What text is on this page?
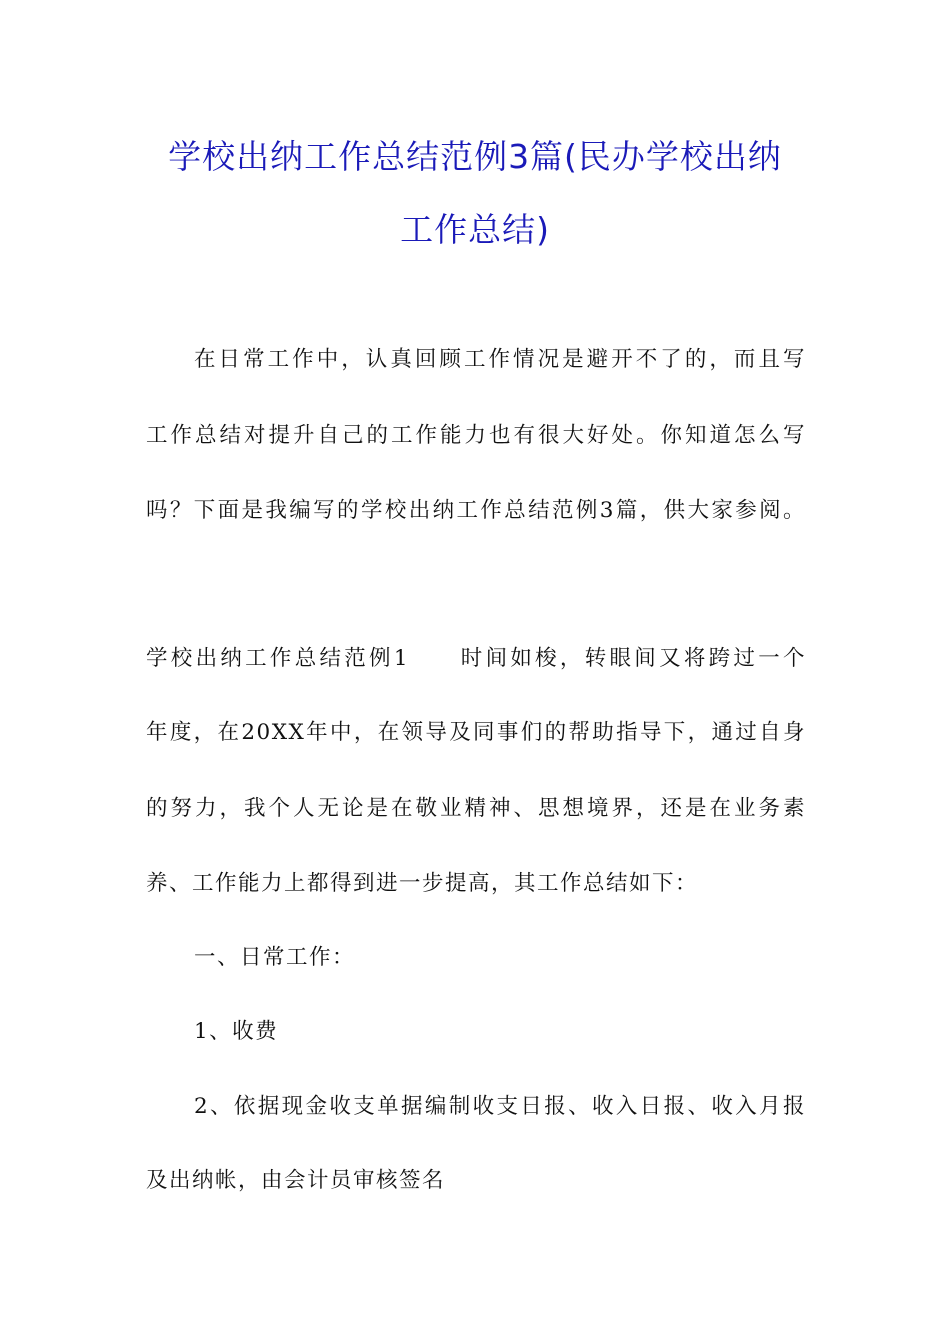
学校出纳工作总结范例3篇(民办学校出纳
工作总结)
在日常工作中，认真回顾工作情况是避开不了的，而且写
工作总结对提升自己的工作能力也有很大好处。你知道怎么写
吗？下面是我编写的学校出纳工作总结范例3篇，供大家参阅。
学校出纳工作总结范例1 时间如梭，转眼间又将跨过一个
年度，在20XX年中，在领导及同事们的帮助指导下，通过自身
的努力，我个人无论是在敬业精神、思想境界，还是在业务素
养、工作能力上都得到进一步提高，其工作总结如下：
一、日常工作：
1、收费
2、依据现金收支单据编制收支日报、收入日报、收入月报
及出纳帐，由会计员审核签名
